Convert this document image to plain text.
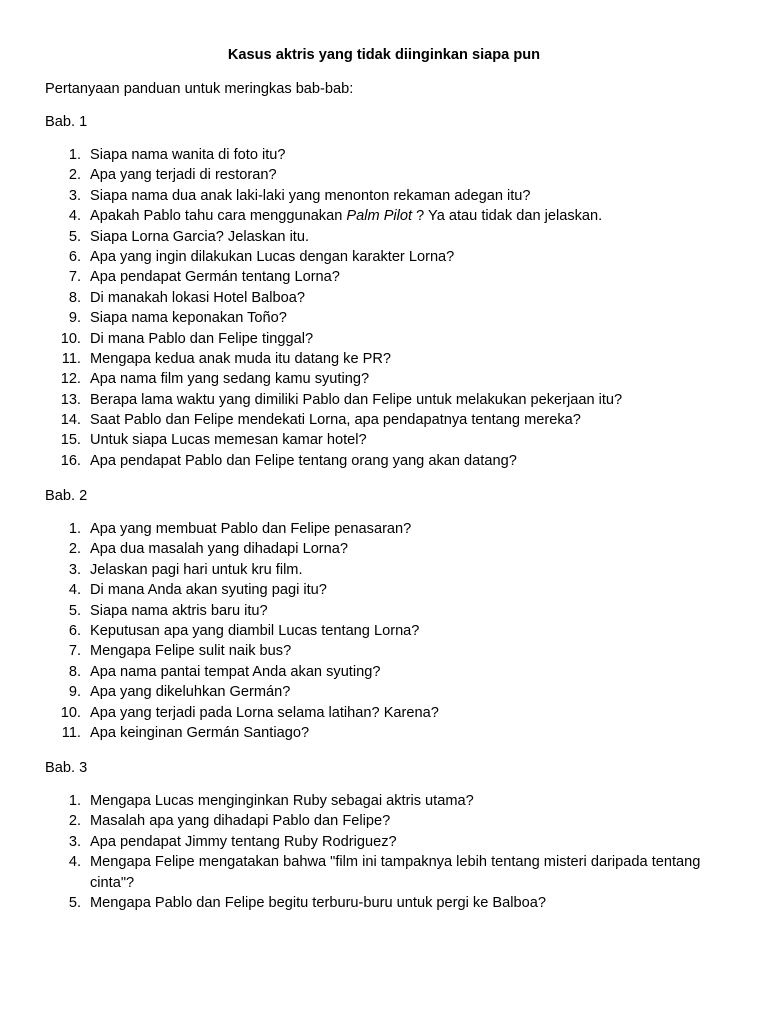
Kasus aktris yang tidak diinginkan siapa pun
Pertanyaan panduan untuk meringkas bab-bab:
Bab. 1
1. Siapa nama wanita di foto itu?
2. Apa yang terjadi di restoran?
3. Siapa nama dua anak laki-laki yang menonton rekaman adegan itu?
4. Apakah Pablo tahu cara menggunakan Palm Pilot ? Ya atau tidak dan jelaskan.
5. Siapa Lorna Garcia? Jelaskan itu.
6. Apa yang ingin dilakukan Lucas dengan karakter Lorna?
7. Apa pendapat Germán tentang Lorna?
8. Di manakah lokasi Hotel Balboa?
9. Siapa nama keponakan Toño?
10. Di mana Pablo dan Felipe tinggal?
11. Mengapa kedua anak muda itu datang ke PR?
12. Apa nama film yang sedang kamu syuting?
13. Berapa lama waktu yang dimiliki Pablo dan Felipe untuk melakukan pekerjaan itu?
14. Saat Pablo dan Felipe mendekati Lorna, apa pendapatnya tentang mereka?
15. Untuk siapa Lucas memesan kamar hotel?
16. Apa pendapat Pablo dan Felipe tentang orang yang akan datang?
Bab. 2
1. Apa yang membuat Pablo dan Felipe penasaran?
2. Apa dua masalah yang dihadapi Lorna?
3. Jelaskan pagi hari untuk kru film.
4. Di mana Anda akan syuting pagi itu?
5. Siapa nama aktris baru itu?
6. Keputusan apa yang diambil Lucas tentang Lorna?
7. Mengapa Felipe sulit naik bus?
8. Apa nama pantai tempat Anda akan syuting?
9. Apa yang dikeluhkan Germán?
10. Apa yang terjadi pada Lorna selama latihan? Karena?
11. Apa keinginan Germán Santiago?
Bab. 3
1. Mengapa Lucas menginginkan Ruby sebagai aktris utama?
2. Masalah apa yang dihadapi Pablo dan Felipe?
3. Apa pendapat Jimmy tentang Ruby Rodriguez?
4. Mengapa Felipe mengatakan bahwa "film ini tampaknya lebih tentang misteri daripada tentang cinta"?
5. Mengapa Pablo dan Felipe begitu terburu-buru untuk pergi ke Balboa?
